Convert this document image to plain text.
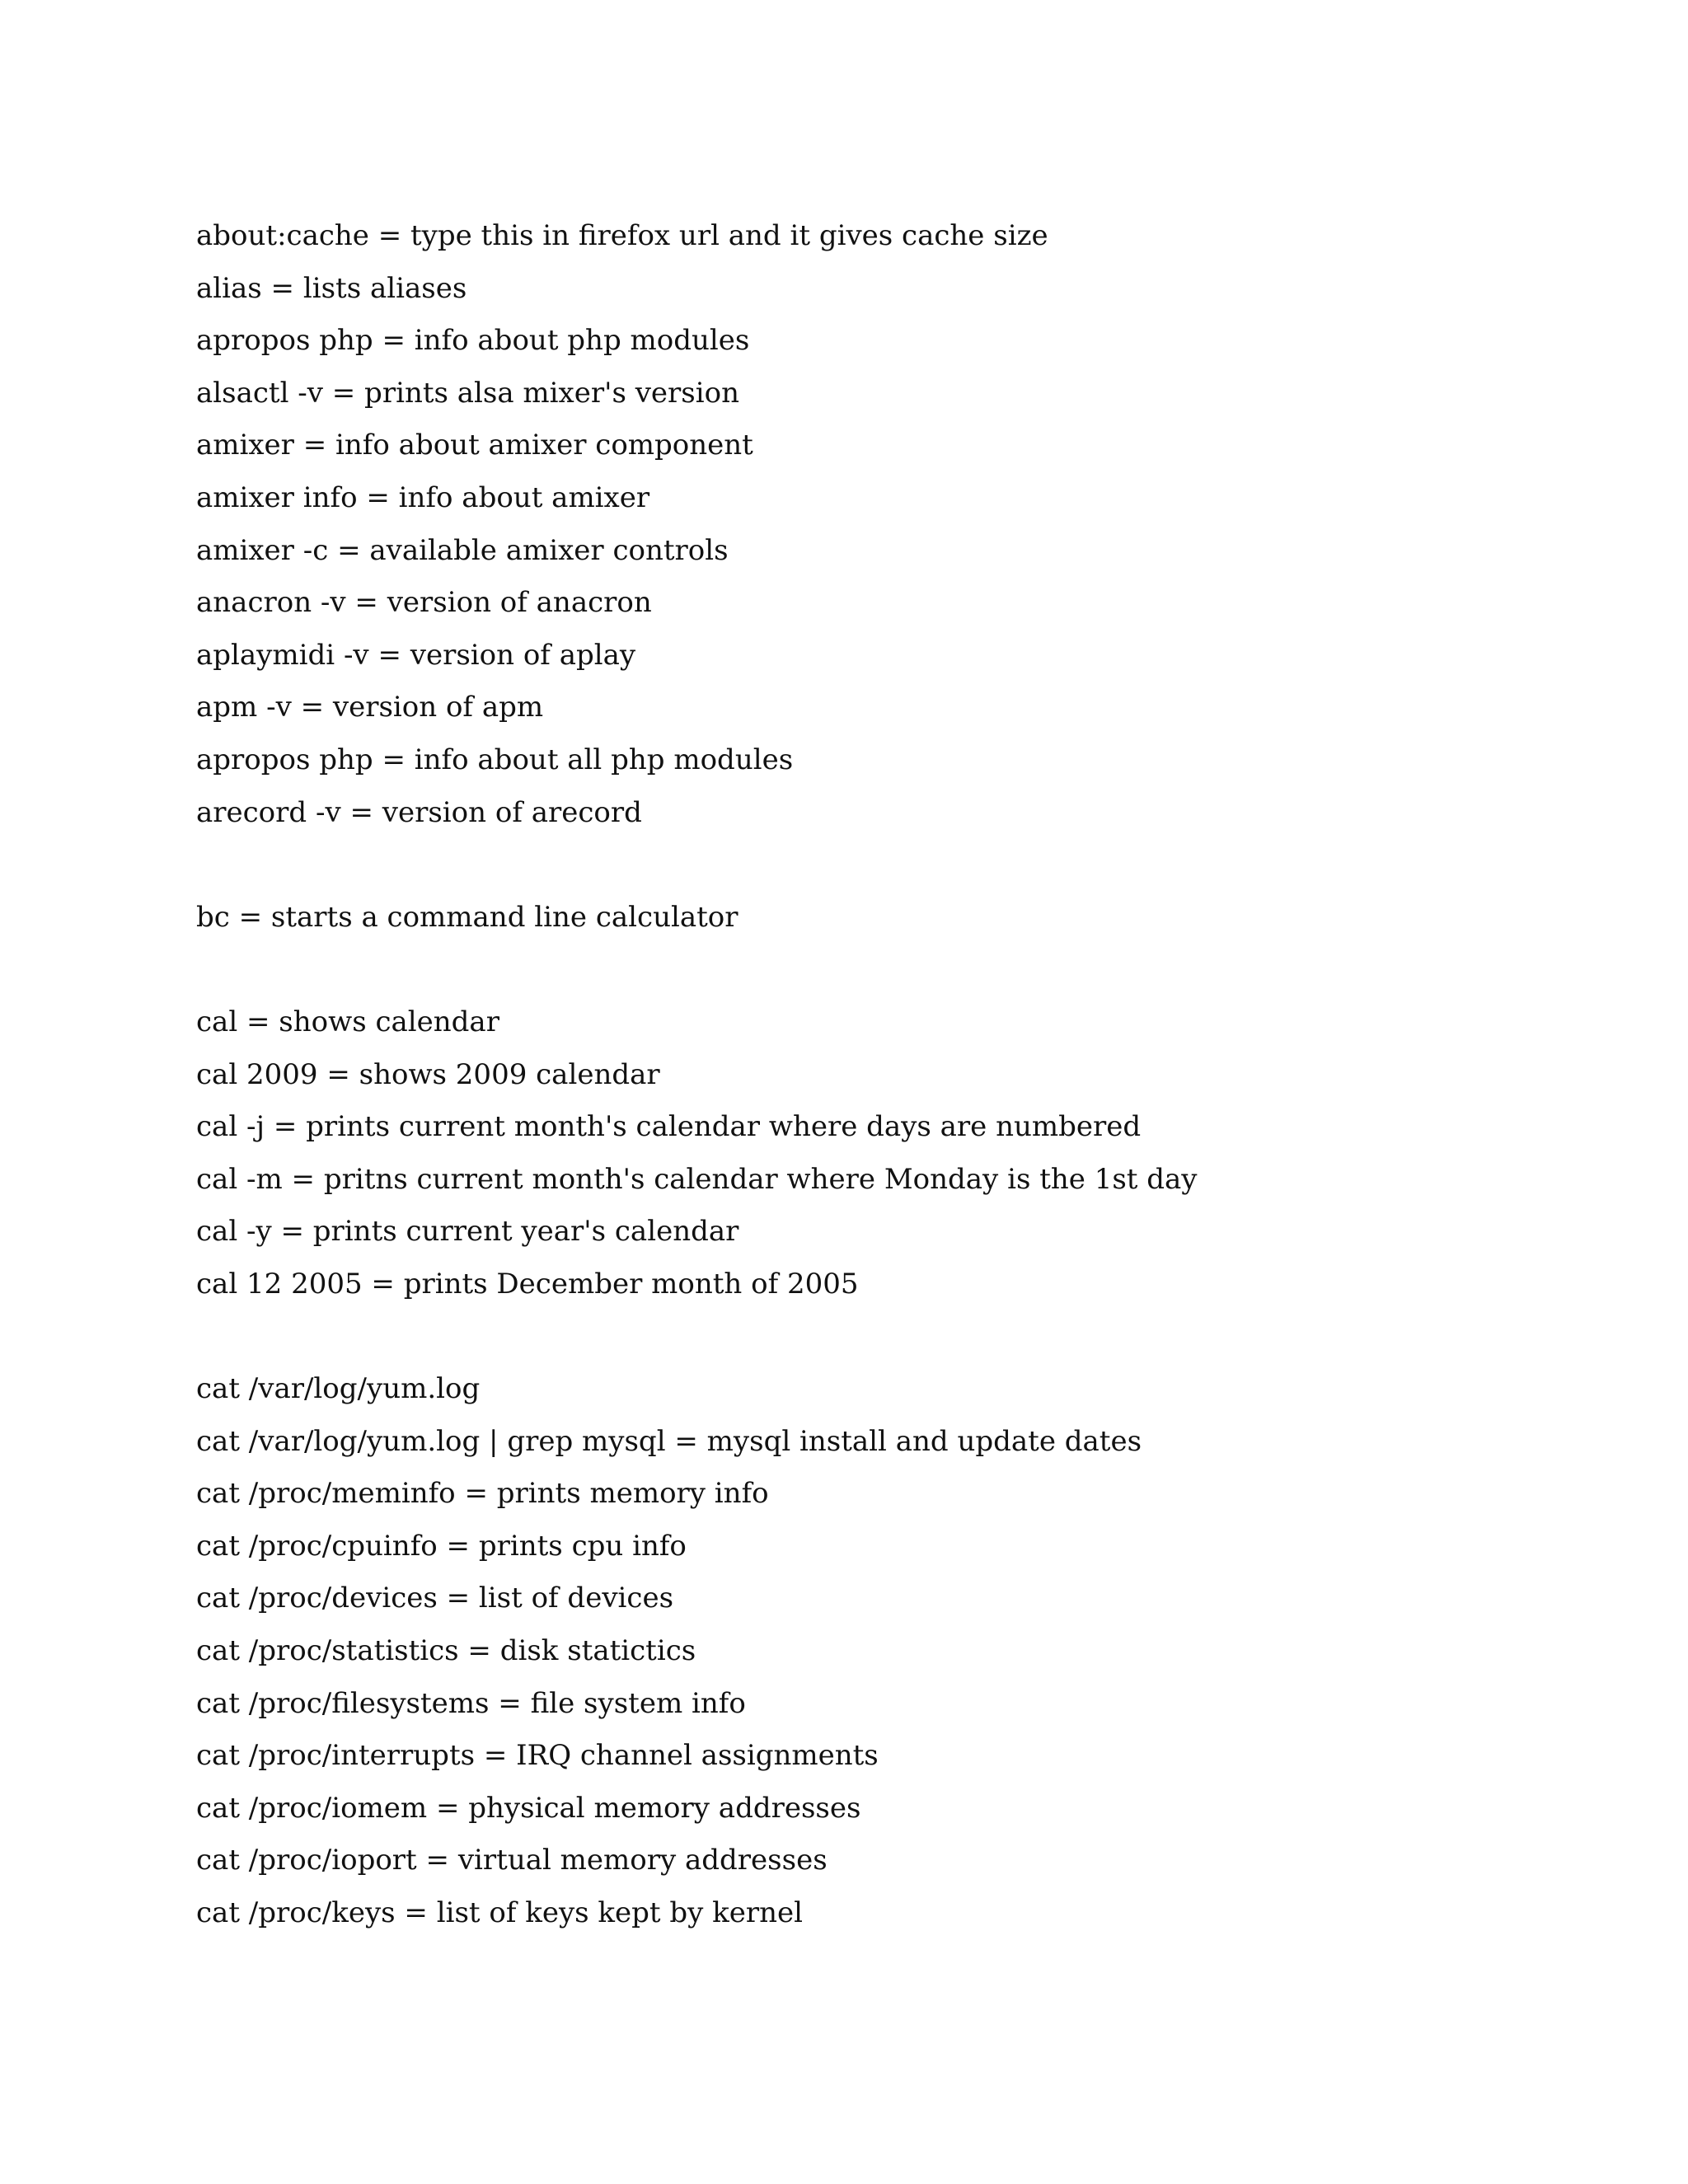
about:cache = type this in firefox url and it gives cache size
alias = lists aliases
apropos php = info about php modules
alsactl -v = prints alsa mixer's version
amixer = info about amixer component
amixer info = info about amixer
amixer -c = available amixer controls
anacron -v = version of anacron
aplaymidi -v = version of aplay
apm -v = version of apm
apropos php = info about all php modules
arecord -v = version of arecord
bc = starts a command line calculator
cal = shows calendar
cal 2009 = shows 2009 calendar
cal -j = prints current month's calendar where days are numbered
cal -m = pritns current month's calendar where Monday is the 1st day
cal -y = prints current year's calendar
cal 12 2005 = prints December month of 2005
cat /var/log/yum.log
cat /var/log/yum.log | grep mysql = mysql install and update dates
cat /proc/meminfo = prints memory info
cat /proc/cpuinfo = prints cpu info
cat /proc/devices = list of devices
cat /proc/statistics = disk statictics
cat /proc/filesystems = file system info
cat /proc/interrupts = IRQ channel assignments
cat /proc/iomem = physical memory addresses
cat /proc/ioport = virtual memory addresses
cat /proc/keys = list of keys kept by kernel
